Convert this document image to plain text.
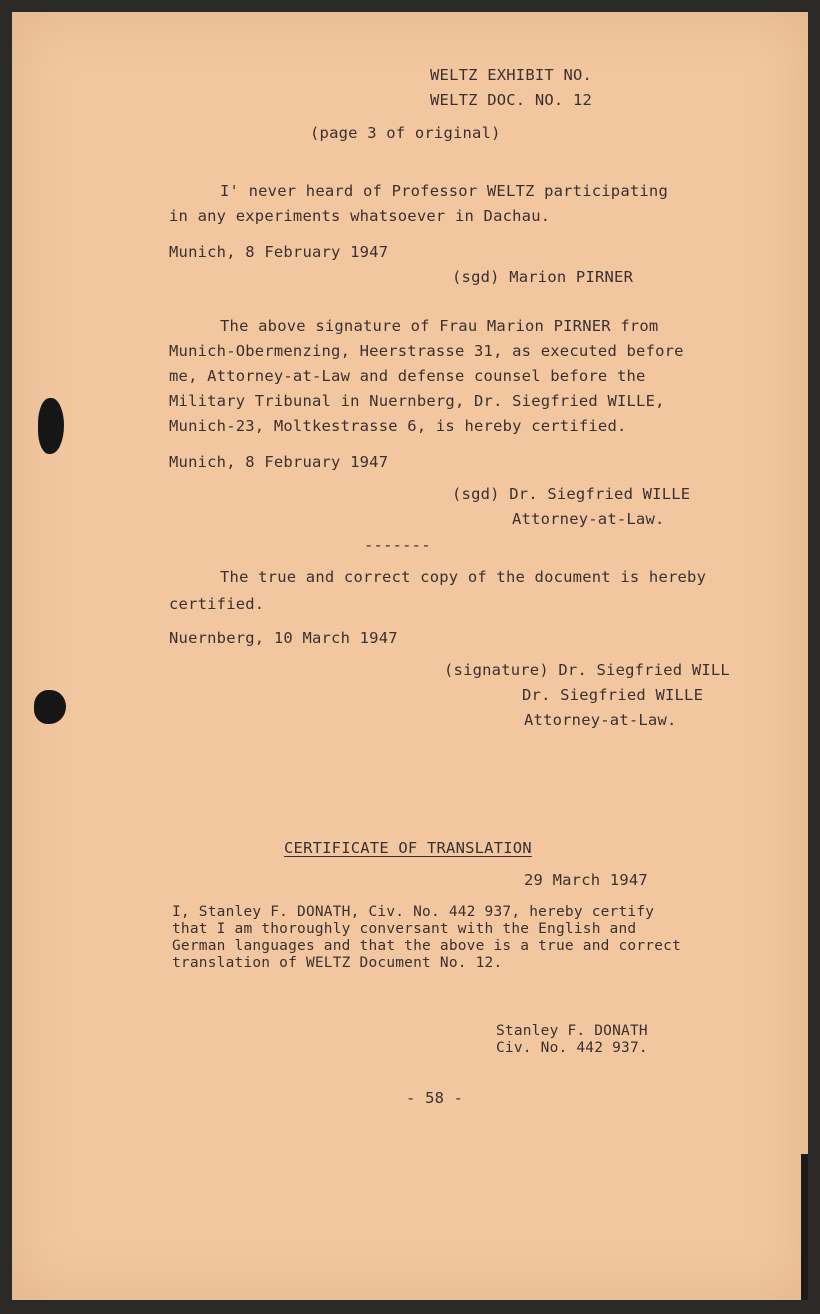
WELTZ EXHIBIT NO.
WELTZ DOC. NO. 12
(page 3 of original)
I' never heard of Professor WELTZ participating
in any experiments whatsoever in Dachau.
Munich, 8 February 1947
(sgd) Marion PIRNER
The above signature of Frau Marion PIRNER from
Munich-Obermenzing, Heerstrasse 31, as executed before
me, Attorney-at-Law and defense counsel before the
Military Tribunal in Nuernberg, Dr. Siegfried WILLE,
Munich-23, Moltkestrasse 6, is hereby certified.
Munich, 8 February 1947
(sgd) Dr. Siegfried WILLE
Attorney-at-Law.
-------
The true and correct copy of the document is hereby
certified.
Nuernberg, 10 March 1947
(signature) Dr. Siegfried WILL
Dr. Siegfried WILLE
Attorney-at-Law.
CERTIFICATE OF TRANSLATION
29 March 1947
I, Stanley F. DONATH, Civ. No. 442 937, hereby certify
that I am thoroughly conversant with the English and
German languages and that the above is a true and correct
translation of WELTZ Document No. 12.
Stanley F. DONATH
Civ. No. 442 937.
- 58 -
